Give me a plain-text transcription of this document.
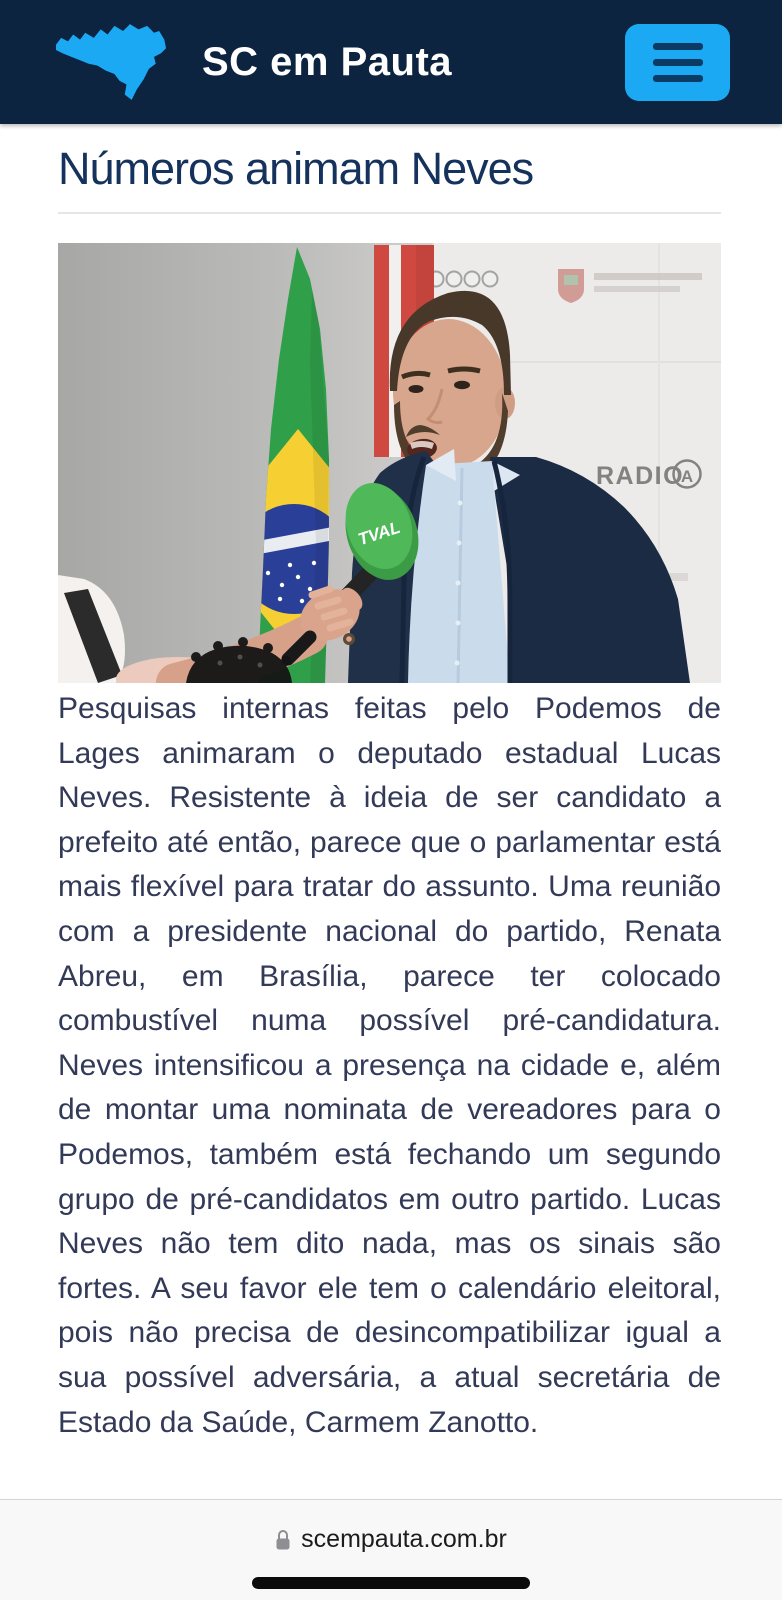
SC em Pauta
Números animam Neves
RADIO
A
TVAL

Pesquisas internas feitas pelo Podemos de Lages animaram o deputado estadual Lucas Neves. Resistente à ideia de ser candidato a prefeito até então, parece que o parlamentar está mais flexível para tratar do assunto. Uma reunião com a presidente nacional do partido, Renata Abreu, em Brasília, parece ter colocado combustível numa possível pré-candidatura. Neves intensificou a presença na cidade e, além de montar uma nominata de vereadores para o Podemos, também está fechando um segundo grupo de pré-candidatos em outro partido. Lucas Neves não tem dito nada, mas os sinais são fortes. A seu favor ele tem o calendário eleitoral, pois não precisa de desincompatibilizar igual a sua possível adversária, a atual secretária de Estado da Saúde, Carmem Zanotto.

scempauta.com.br
